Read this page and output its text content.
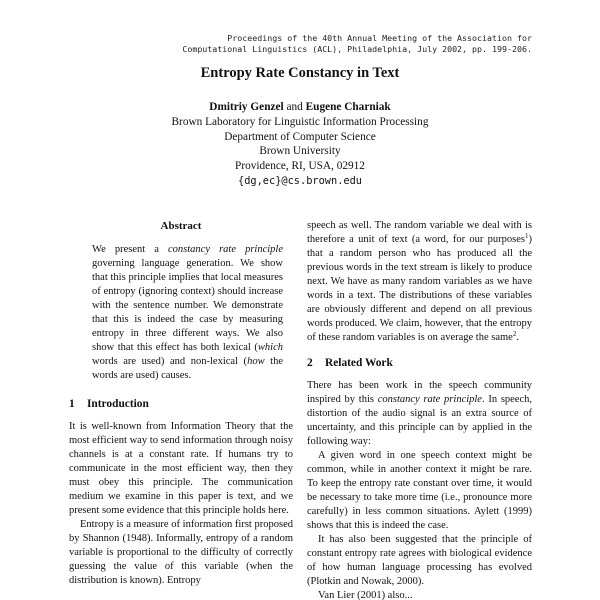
Proceedings of the 40th Annual Meeting of the Association for
Computational Linguistics (ACL), Philadelphia, July 2002, pp. 199-206.
Entropy Rate Constancy in Text
Dmitriy Genzel and Eugene Charniak
Brown Laboratory for Linguistic Information Processing
Department of Computer Science
Brown University
Providence, RI, USA, 02912
{dg,ec}@cs.brown.edu
Abstract

We present a constancy rate principle governing language generation. We show that this principle implies that local measures of entropy (ignoring context) should increase with the sentence number. We demonstrate that this is indeed the case by measuring entropy in three different ways. We also show that this effect has both lexical (which words are used) and non-lexical (how the words are used) causes.

1 Introduction

It is well-known from Information Theory that the most efficient way to send information through noisy channels is at a constant rate. If humans try to communicate in the most efficient way, then they must obey this principle. The communication medium we examine in this paper is text, and we present some evidence that this principle holds here.

Entropy is a measure of information first proposed by Shannon (1948). Informally, entropy of a random variable is proportional to the difficulty of correctly guessing the value of this variable (when the distribution is known). Entropy

speech as well. The random variable we deal with is therefore a unit of text (a word, for our purposes$^1$) that a random person who has produced all the previous words in the text stream is likely to produce next. We have as many random variables as we have words in a text. The distributions of these variables are obviously different and depend on all previous words produced. We claim, however, that the entropy of these random variables is on average the same$^2$.

2 Related Work

There has been work in the speech community inspired by this constancy rate principle. In speech, distortion of the audio signal is an extra source of uncertainty, and this principle can by applied in the following way:

A given word in one speech context might be common, while in another context it might be rare. To keep the entropy rate constant over time, it would be necessary to take more time (i.e., pronounce more carefully) in less common situations. Aylett (1999) shows that this is indeed the case.

It has also been suggested that the principle of constant entropy rate agrees with biological evidence of how human language processing has evolved (Plotkin and Nowak, 2000).

Van Lier (2001) also...
